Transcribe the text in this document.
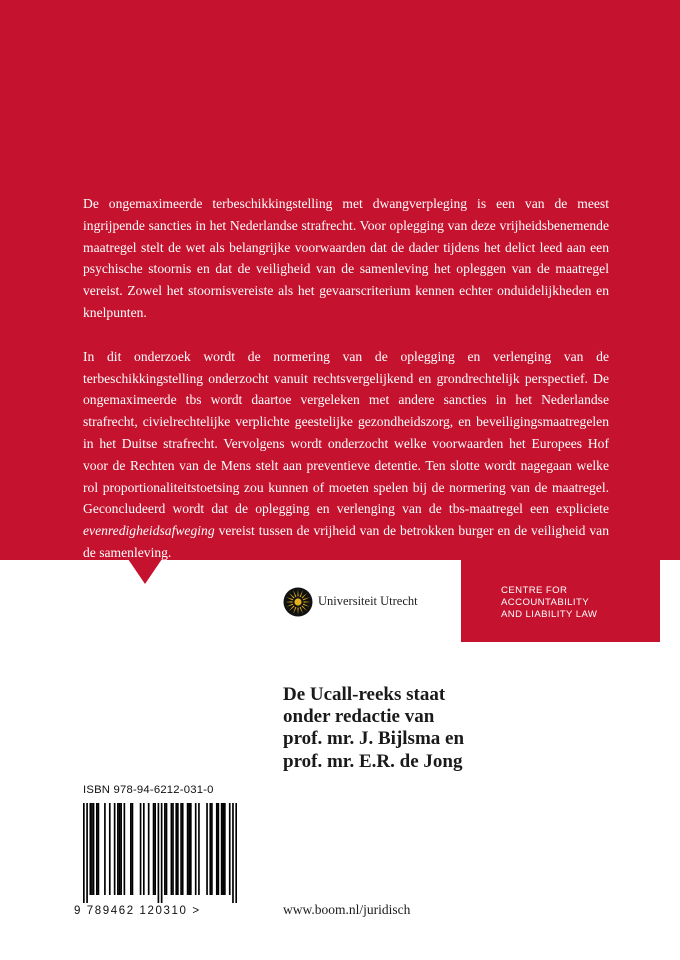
De ongemaximeerde terbeschikkingstelling met dwangverpleging is een van de meest ingrijpende sancties in het Nederlandse strafrecht. Voor oplegging van deze vrijheidsbenemende maatregel stelt de wet als belangrijke voorwaarden dat de dader tijdens het delict leed aan een psychische stoornis en dat de veiligheid van de samenleving het opleggen van de maatregel vereist. Zowel het stoornisvereiste als het gevaarscriterium kennen echter onduidelijkheden en knelpunten.

In dit onderzoek wordt de normering van de oplegging en verlenging van de terbeschikkingstelling onderzocht vanuit rechtsvergelijkend en grondrechtelijk perspectief. De ongemaximeerde tbs wordt daartoe vergeleken met andere sancties in het Nederlandse strafrecht, civielrechtelijke verplichte geestelijke gezondheidszorg, en beveiligingsmaatregelen in het Duitse strafrecht. Vervolgens wordt onderzocht welke voorwaarden het Europees Hof voor de Rechten van de Mens stelt aan preventieve detentie. Ten slotte wordt nagegaan welke rol proportionaliteitstoetsing zou kunnen of moeten spelen bij de normering van de maatregel. Geconcludeerd wordt dat de oplegging en verlenging van de tbs-maatregel een expliciete evenredigheidsafweging vereist tussen de vrijheid van de betrokken burger en de veiligheid van de samenleving.

CENTRE FOR
ACCOUNTABILITY
AND LIABILITY LAW
Universiteit Utrecht
De Ucall-reeks staat
onder redactie van
prof. mr. J. Bijlsma en
prof. mr. E.R. de Jong
ISBN 978-94-6212-031-0
9 789462 120310 >	www.boom.nl/juridisch
